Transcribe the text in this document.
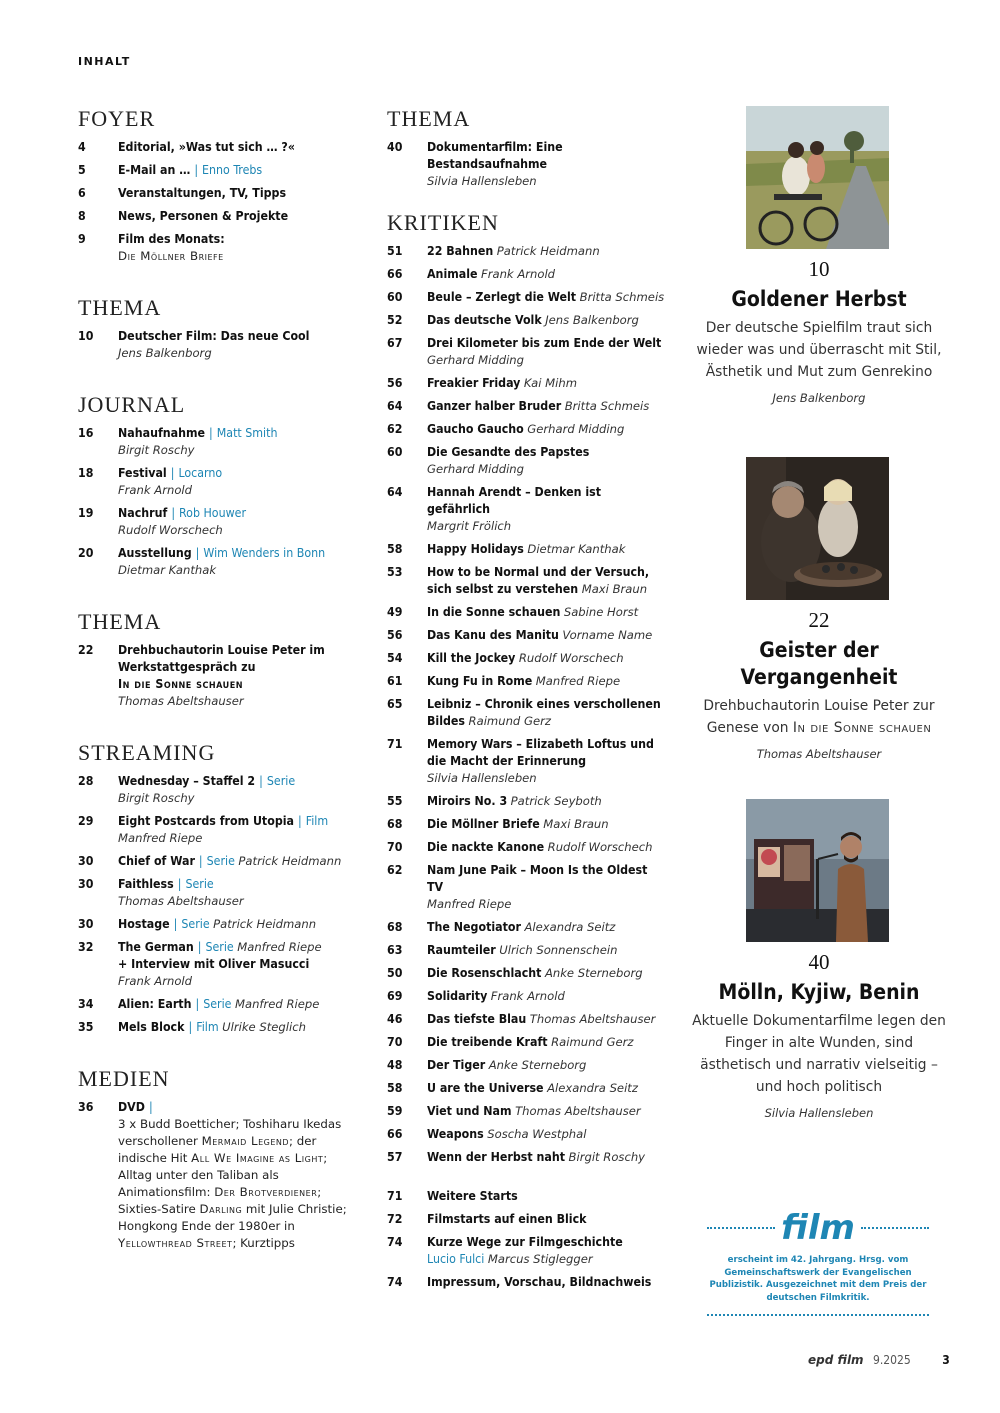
INHALT
FOYER
4	Editorial, »Was tut sich … ?«
5	E-Mail an … | Enno Trebs
6	Veranstaltungen, TV, Tipps
8	News, Personen & Projekte
9	Film des Monats:
Die Möllner Briefe
THEMA
10	Deutscher Film: Das neue Cool
Jens Balkenborg
JOURNAL
16	Nahaufnahme | Matt Smith
Birgit Roschy
18	Festival | Locarno
Frank Arnold
19	Nachruf | Rob Houwer
Rudolf Worschech
20	Ausstellung | Wim Wenders in Bonn
Dietmar Kanthak
THEMA
22	Drehbuchautorin Louise Peter im Werkstattgespräch zu
In die Sonne schauen
Thomas Abeltshauser
STREAMING
28	Wednesday – Staffel 2 | Serie
Birgit Roschy
29	Eight Postcards from Utopia | Film
Manfred Riepe
30	Chief of War | Serie Patrick Heidmann
30	Faithless | Serie
Thomas Abeltshauser
30	Hostage | Serie Patrick Heidmann
32	The German | Serie Manfred Riepe
+ Interview mit Oliver Masucci
Frank Arnold
34	Alien: Earth | Serie Manfred Riepe
35	Mels Block | Film Ulrike Steglich
MEDIEN
36	DVD |
3 x Budd Boetticher; Toshiharu Ikedas verschollener Mermaid Legend; der indische Hit All We Imagine as Light; Alltag unter den Taliban als Animationsfilm: Der Brotverdiener; Sixties-Satire Darling mit Julie Christie; Hongkong Ende der 1980er in Yellowthread Street; Kurztipps
THEMA
40	Dokumentarfilm: Eine Bestandsaufnahme
Silvia Hallensleben
KRITIKEN
51	22 Bahnen Patrick Heidmann
66	Animale Frank Arnold
60	Beule – Zerlegt die Welt Britta Schmeis
52	Das deutsche Volk Jens Balkenborg
67	Drei Kilometer bis zum Ende der Welt
Gerhard Midding
56	Freakier Friday Kai Mihm
64	Ganzer halber Bruder Britta Schmeis
62	Gaucho Gaucho Gerhard Midding
60	Die Gesandte des Papstes
Gerhard Midding
64	Hannah Arendt – Denken ist gefährlich
Margrit Frölich
58	Happy Holidays Dietmar Kanthak
53	How to be Normal und der Versuch, sich selbst zu verstehen Maxi Braun
49	In die Sonne schauen Sabine Horst
56	Das Kanu des Manitu Vorname Name
54	Kill the Jockey Rudolf Worschech
61	Kung Fu in Rome Manfred Riepe
65	Leibniz – Chronik eines verschollenen Bildes Raimund Gerz
71	Memory Wars – Elizabeth Loftus und die Macht der Erinnerung
Silvia Hallensleben
55	Miroirs No. 3 Patrick Seyboth
68	Die Möllner Briefe Maxi Braun
70	Die nackte Kanone Rudolf Worschech
62	Nam June Paik – Moon Is the Oldest TV
Manfred Riepe
68	The Negotiator Alexandra Seitz
63	Raumteiler Ulrich Sonnenschein
50	Die Rosenschlacht Anke Sterneborg
69	Solidarity Frank Arnold
46	Das tiefste Blau Thomas Abeltshauser
70	Die treibende Kraft Raimund Gerz
48	Der Tiger Anke Sterneborg
58	U are the Universe Alexandra Seitz
59	Viet und Nam Thomas Abeltshauser
66	Weapons Soscha Westphal
57	Wenn der Herbst naht Birgit Roschy
71	Weitere Starts
72	Filmstarts auf einen Blick
74	Kurze Wege zur Filmgeschichte
Lucio Fulci Marcus Stiglegger
74	Impressum, Vorschau, Bildnachweis
10
Goldener Herbst
Der deutsche Spielfilm traut sich wieder was und überrascht mit Stil, Ästhetik und Mut zum Genrekino
Jens Balkenborg
22
Geister der Vergangenheit
Drehbuchautorin Louise Peter zur Genese von In die Sonne schauen
Thomas Abeltshauser
40
Mölln, Kyjiw, Benin
Aktuelle Dokumentarfilme legen den Finger in alte Wunden, sind ästhetisch und narrativ vielseitig – und hoch politisch
Silvia Hallensleben
film
erscheint im 42. Jahrgang. Hrsg. vom Gemeinschaftswerk der Evangelischen Publizistik. Ausgezeichnet mit dem Preis der deutschen Filmkritik.
epd film 9.2025	3
